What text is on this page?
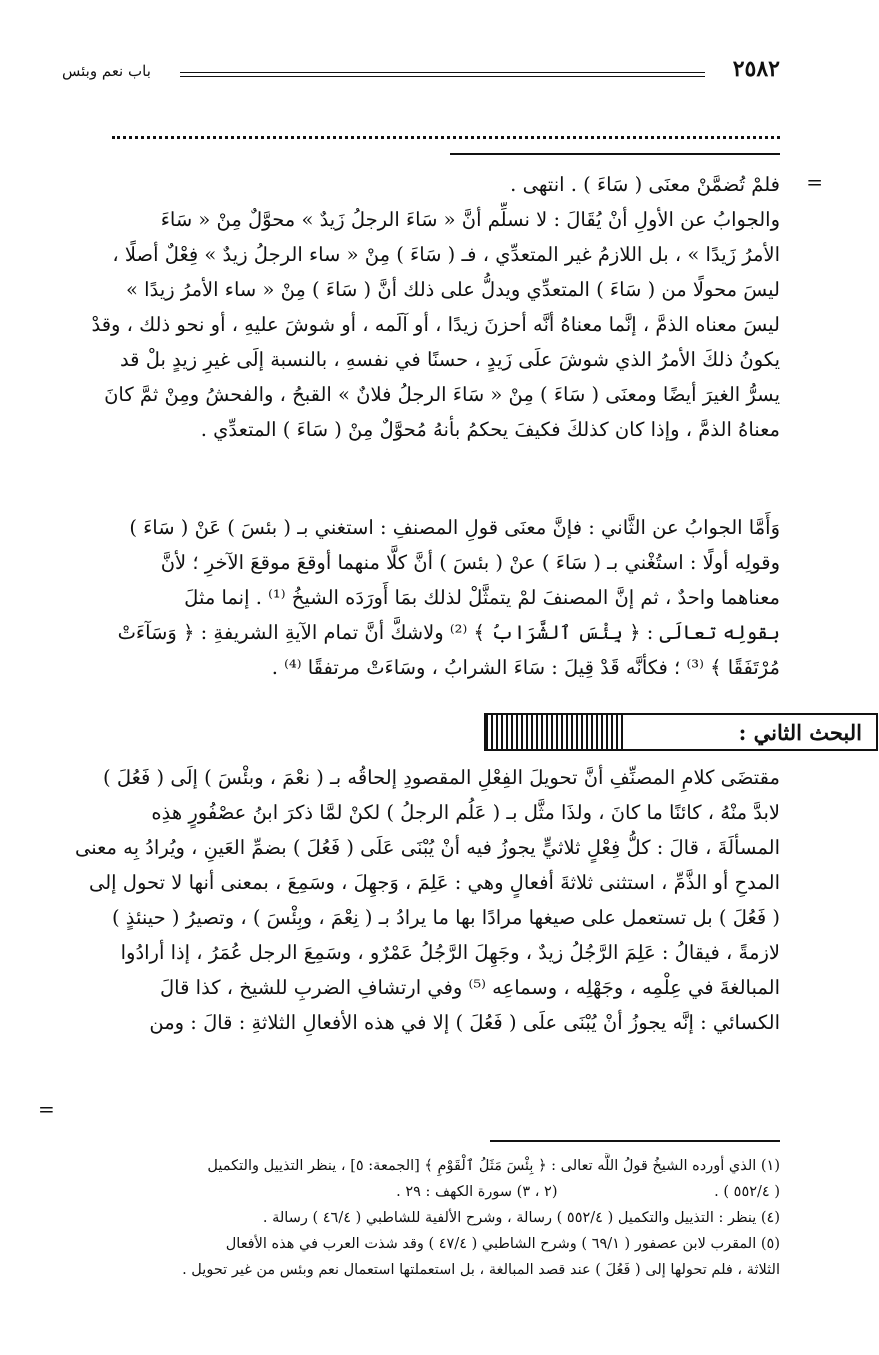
٢٥٨٢
باب نعم وبئس
=
فلمْ تُضمَّنْ معنَى ( سَاءَ ) . انتهى .
والجوابُ عن الأولِ أنْ يُقَالَ : لا نسلِّم أنَّ « سَاءَ الرجلُ زَيدٌ » محوَّلٌ مِنْ « سَاءَ
الأمرُ زَيدًا » ، بل اللازمُ غير المتعدِّي ، فـ ( سَاءَ ) مِنْ « ساء الرجلُ زيدٌ » فِعْلٌ أصلًا ،
ليسَ محولًا من ( سَاءَ ) المتعدِّي ويدلُّ على ذلك أنَّ ( سَاءَ ) مِنْ « ساء الأمرُ زيدًا »
ليسَ معناه الذمَّ ، إنَّما معناهُ أنَّه أحزنَ زيدًا ، أو آلَمه ، أو شوشَ عليهِ ، أو نحو ذلك ، وقدْ
يكونُ ذلكَ الأمرُ الذي شوشَ علَى زَيدٍ ، حسنًا في نفسهِ ، بالنسبة إلَى غيرِ زيدٍ بلْ قد
يسرُّ الغيرَ أيضًا ومعنَى ( سَاءَ ) مِنْ « سَاءَ الرجلُ فلانٌ » القبحُ ، والفحشُ ومِنْ ثمَّ كانَ
معناهُ الذمَّ ، وإذا كان كذلكَ فكيفَ يحكمُ بأنهُ مُحوَّلٌ مِنْ ( سَاءَ ) المتعدِّي .
وَأَمَّا الجوابُ عن الثَّاني : فإنَّ معنَى قولِ المصنفِ : استغني بـ ( بئسَ ) عَنْ ( سَاءَ )
وقولِه أولًا : استُغْني بـ ( سَاءَ ) عنْ ( بئسَ ) أنَّ كلًّا منهما أوقعَ موقعَ الآخرِ ؛ لأنَّ
معناهما واحدٌ ، ثم إنَّ المصنفَ لمْ يتمثَّلْ لذلك بمَا أَورَدَه الشيخُ ⁽¹⁾ . إنما مثلَ
بقولِه تعالَى : ﴿ بِئْسَ ٱلشَّرَابُ ﴾ ⁽²⁾ ولاشكَّ أنَّ تمام الآيةِ الشريفةِ : ﴿ وَسَآءَتْ
مُرْتَفَقًا ﴾ ⁽³⁾ ؛ فكأنَّه قَدْ قِيلَ : سَاءَ الشرابُ ، وسَاءَتْ مرتفقًا ⁽⁴⁾ .
البحث الثاني :
مقتضَى كلامِ المصنِّفِ أنَّ تحويلَ الفِعْلِ المقصودِ إلحاقُه بـ ( نعْمَ ، وبئْسَ ) إلَى ( فَعُلَ )
لابدَّ منْهُ ، كائنًا ما كانَ ، ولذَا مثَّل بـ ( عَلُم الرجلُ ) لكنْ لمَّا ذكرَ ابنُ عصْفُورٍ هذِه
المسألَةَ ، قالَ : كلُّ فِعْلٍ ثلاثيٍّ يجوزُ فيه أنْ يُبْنَى عَلَى ( فَعُلَ ) بضمِّ العَينِ ، ويُرادُ بِه معنى
المدحِ أو الذَّمِّ ، استثنى ثلاثةَ أفعالٍ وهي : عَلِمَ ، وَجهِلَ ، وسَمِعَ ، بمعنى أنها لا تحول إلى
( فَعُلَ ) بل تستعمل على صيغها مرادًا بها ما يرادُ بـ ( نِعْمَ ، وبِئْسَ ) ، وتصيرُ ( حينئذٍ )
لازمةً ، فيقالُ : عَلِمَ الرَّجُلُ زيدٌ ، وجَهِلَ الرَّجُلُ عَمْرٌو ، وسَمِعَ الرجل عُمَرُ ، إذا أرادُوا
المبالغةَ في عِلْمِه ، وجَهْلِه ، وسماعِه ⁽⁵⁾ وفي ارتشافِ الضربِ للشيخ ، كذا قالَ
الكسائي : إنَّه يجوزُ أنْ يُبْنَى علَى ( فَعُلَ ) إلا في هذه الأفعالِ الثلاثةِ : قالَ : ومن
=
(١) الذي أورده الشيخُ قولُ اللَّه تعالى : ﴿ بِئْسَ مَثَلُ ٱلْقَوْمِ ﴾ [الجمعة: ٥] ، ينظر التذييل والتكميل
( ٥٥٢/٤ ) .                                  (٢ ، ٣) سورة الكهف : ٢٩ .
(٤) ينظر : التذييل والتكميل ( ٥٥٢/٤ ) رسالة ، وشرح الألفية للشاطبي ( ٤٦/٤ ) رسالة .
(٥) المقرب لابن عصفور ( ٦٩/١ ) وشرح الشاطبي ( ٤٧/٤ ) وقد شذت العرب في هذه الأفعال
الثلاثة ، فلم تحولها إلى ( فَعُلَ ) عند قصد المبالغة ، بل استعملتها استعمال نعم وبئس من غير تحويل .
